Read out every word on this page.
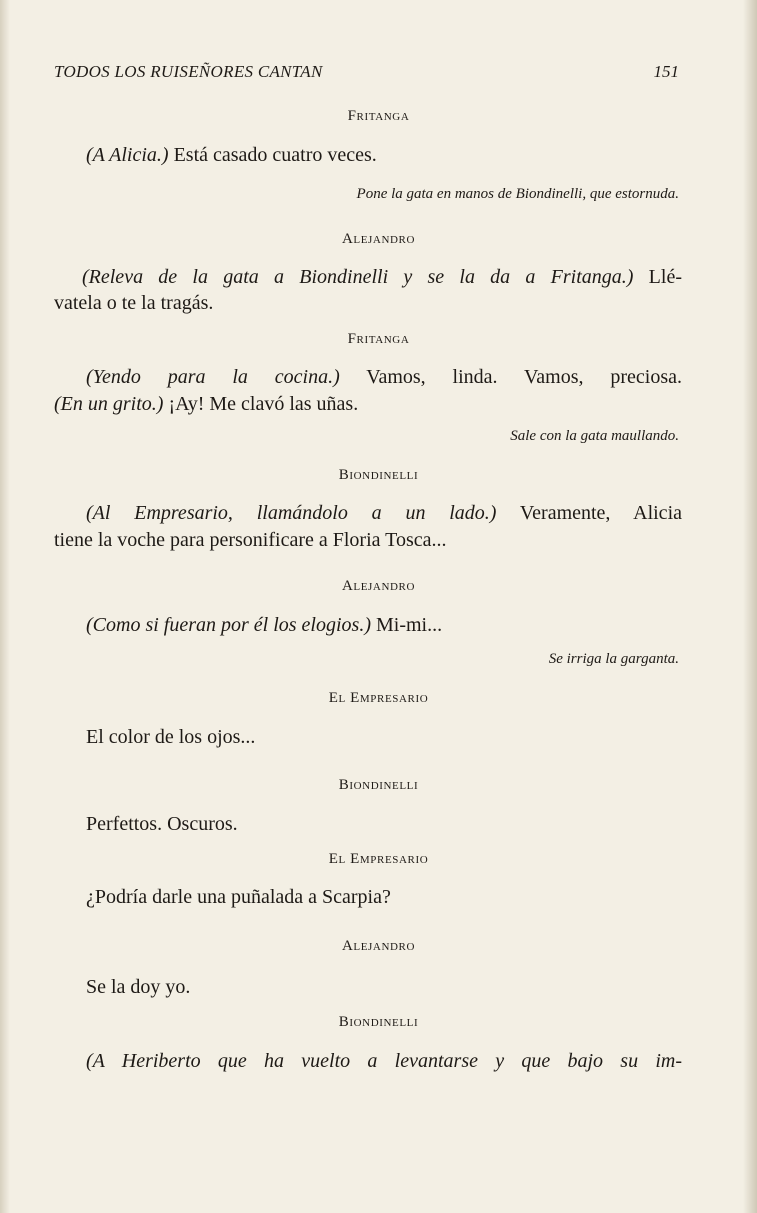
TODOS LOS RUISEÑORES CANTAN	151
Fritanga
(A Alicia.) Está casado cuatro veces.
Pone la gata en manos de Biondinelli, que estornuda.
Alejandro
(Releva de la gata a Biondinelli y se la da a Fritanga.) Llé-
vatela o te la tragás.
Fritanga
(Yendo para la cocina.) Vamos, linda. Vamos, preciosa.
(En un grito.) ¡Ay! Me clavó las uñas.
Sale con la gata maullando.
Biondinelli
(Al Empresario, llamándolo a un lado.) Veramente, Alicia
tiene la voche para personificare a Floria Tosca...
Alejandro
(Como si fueran por él los elogios.) Mi-mi...
Se irriga la garganta.
El Empresario
El color de los ojos...
Biondinelli
Perfettos. Oscuros.
El Empresario
¿Podría darle una puñalada a Scarpia?
Alejandro
Se la doy yo.
Biondinelli
(A Heriberto que ha vuelto a levantarse y que bajo su im-
